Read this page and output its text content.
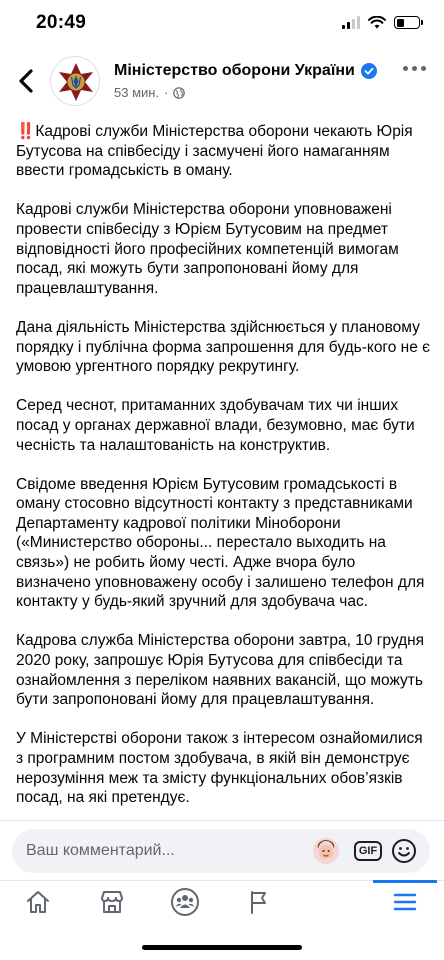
20:49
Міністерство оборони України
53 мин. ·

‼️Кадрові служби Міністерства оборони чекають Юрія Бутусова на співбесіду і засмучені його намаганням ввести громадськість в оману.

Кадрові служби Міністерства оборони уповноважені провести співбесіду з Юрієм Бутусовим на предмет відповідності його професійних компетенцій вимогам посад, які можуть бути запропоновані йому для працевлаштування.

Дана діяльність Міністерства здійснюється у плановому порядку і публічна форма запрошення для будь-кого не є умовою ургентного порядку рекрутингу.

Серед чеснот, притаманних здобувачам тих чи інших посад у органах державної влади, безумовно, має бути чесність та налаштованість на конструктив.

Свідоме введення Юрієм Бутусовим громадськості в оману стосовно відсутності контакту з представниками Департаменту кадрової політики Міноборони («Министерство обороны... перестало выходить на связь») не робить йому честі. Адже вчора було визначено уповноважену особу і залишено телефон для контакту у будь-який зручний для здобувача час.

Кадрова служба Міністерства оборони завтра, 10 грудня 2020 року, запрошує Юрія Бутусова для співбесіди та ознайомлення з переліком наявних вакансій, що можуть бути запропоновані йому для працевлаштування.

У Міністерстві оборони також з інтересом ознайомилися з програмним постом здобувача, в якій він демонструє нерозуміння меж та змісту функціональних обов’язків посад, на які претендує.

Ваш комментарий...	GIF
